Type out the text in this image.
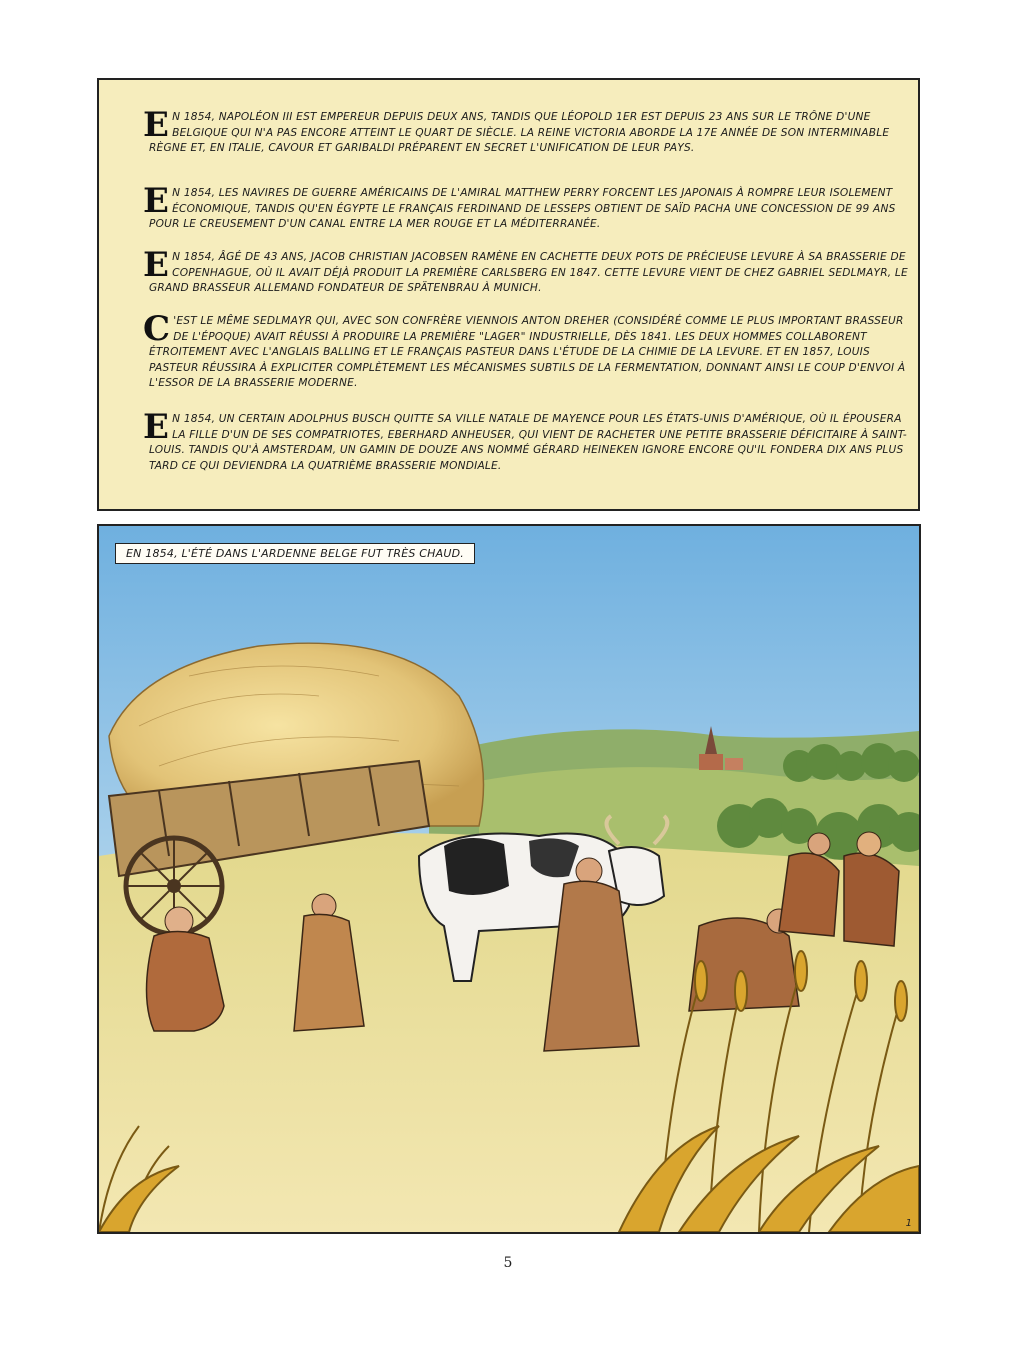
EN 1854, NAPOLÉON III EST EMPEREUR DEPUIS DEUX ANS, TANDIS QUE LÉOPOLD 1ER EST DEPUIS 23 ANS SUR LE TRÔNE D'UNE BELGIQUE QUI N'A PAS ENCORE ATTEINT LE QUART DE SIÈCLE. LA REINE VICTORIA ABORDE LA 17E ANNÉE DE SON INTERMINABLE RÈGNE ET, EN ITALIE, CAVOUR ET GARIBALDI PRÉPARENT EN SECRET L'UNIFICATION DE LEUR PAYS.

EN 1854, LES NAVIRES DE GUERRE AMÉRICAINS DE L'AMIRAL MATTHEW PERRY FORCENT LES JAPONAIS À ROMPRE LEUR ISOLEMENT ÉCONOMIQUE, TANDIS QU'EN ÉGYPTE LE FRANÇAIS FERDINAND DE LESSEPS OBTIENT DE SAÏD PACHA UNE CONCESSION DE 99 ANS POUR LE CREUSEMENT D'UN CANAL ENTRE LA MER ROUGE ET LA MÉDITERRANÉE.

EN 1854, ÂGÉ DE 43 ANS, JACOB CHRISTIAN JACOBSEN RAMÈNE EN CACHETTE DEUX POTS DE PRÉCIEUSE LEVURE À SA BRASSERIE DE COPENHAGUE, OÙ IL AVAIT DÉJÀ PRODUIT LA PREMIÈRE CARLSBERG EN 1847. CETTE LEVURE VIENT DE CHEZ GABRIEL SEDLMAYR, LE GRAND BRASSEUR ALLEMAND FONDATEUR DE SPÄTENBRAU À MUNICH.

C 'EST LE MÊME SEDLMAYR QUI, AVEC SON CONFRÈRE VIENNOIS ANTON DREHER (CONSIDÉRÉ COMME LE PLUS IMPORTANT BRASSEUR DE L'ÉPOQUE) AVAIT RÉUSSI À PRODUIRE LA PREMIÈRE "LAGER" INDUSTRIELLE, DÈS 1841. LES DEUX HOMMES COLLABORENT ÉTROITEMENT AVEC L'ANGLAIS BALLING ET LE FRANÇAIS PASTEUR DANS L'ÉTUDE DE LA CHIMIE DE LA LEVURE. ET EN 1857, LOUIS PASTEUR RÉUSSIRA À EXPLICITER COMPLÈTEMENT LES MÉCANISMES SUBTILS DE LA FERMENTATION, DONNANT AINSI LE COUP D'ENVOI À L'ESSOR DE LA BRASSERIE MODERNE.

EN 1854, UN CERTAIN ADOLPHUS BUSCH QUITTE SA VILLE NATALE DE MAYENCE POUR LES ÉTATS-UNIS D'AMÉRIQUE, OÙ IL ÉPOUSERA LA FILLE D'UN DE SES COMPATRIOTES, EBERHARD ANHEUSER, QUI VIENT DE RACHETER UNE PETITE BRASSERIE DÉFICITAIRE À SAINT-LOUIS. TANDIS QU'À AMSTERDAM, UN GAMIN DE DOUZE ANS NOMMÉ GÉRARD HEINEKEN IGNORE ENCORE QU'IL FONDERA DIX ANS PLUS TARD CE QUI DEVIENDRA LA QUATRIÈME BRASSERIE MONDIALE.

EN 1854, L'ÉTÉ DANS L'ARDENNE BELGE FUT TRÈS CHAUD.
1
5
